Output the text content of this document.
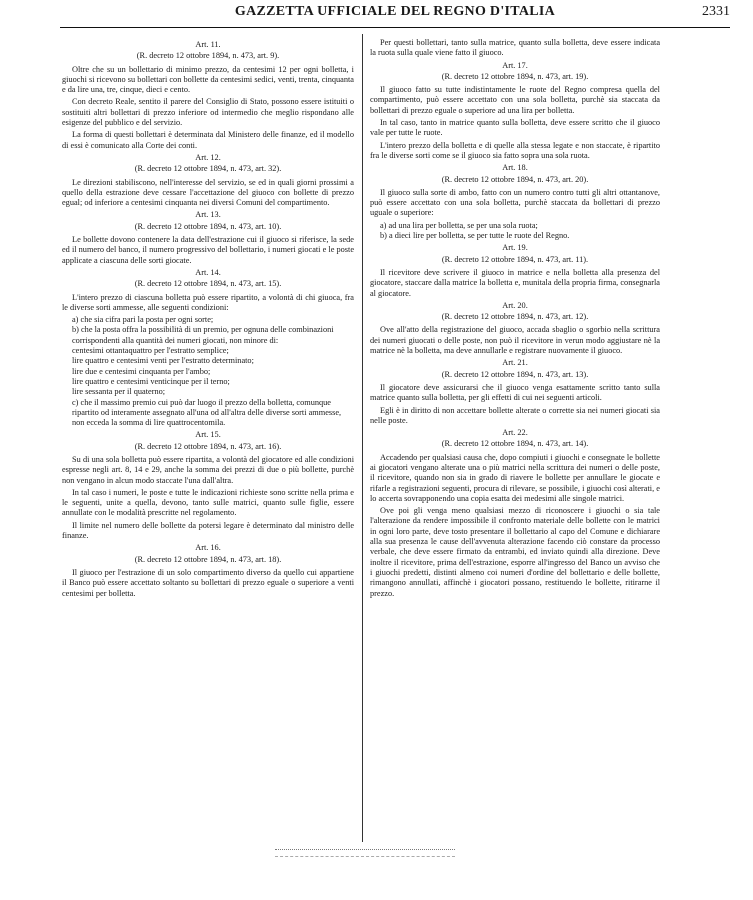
GAZZETTA UFFICIALE DEL REGNO D'ITALIA	2331
Art. 11.
(R. decreto 12 ottobre 1894, n. 473, art. 9).

Oltre che su un bollettario di minimo prezzo, da centesimi 12 per ogni bolletta, i giuochi si ricevono su bollettari con bollette da centesimi sedici, venti, trenta, cinquanta e da lire una, tre, cinque, dieci e cento.

Con decreto Reale, sentito il parere del Consiglio di Stato, possono essere istituiti o sostituiti altri bollettari di prezzo inferiore od intermedio che meglio rispondano alle esigenze del pubblico e del servizio.

La forma di questi bollettari è determinata dal Ministero delle finanze, ed il modello di essi è comunicato alla Corte dei conti.

Art. 12.
(R. decreto 12 ottobre 1894, n. 473, art. 32).

Le direzioni stabiliscono, nell'interesse del servizio, se ed in quali giorni prossimi a quello della estrazione deve cessare l'accettazione del giuoco con bollette di prezzo egual; od inferiore a centesimi cinquanta nei diversi Comuni del compartimento.

Art. 13.
(R. decreto 12 ottobre 1894, n. 473, art. 10).

Le bollette dovono contenere la data dell'estrazione cui il giuoco si riferisce, la sede ed il numero del banco, il numero progressivo del bollettario, i numeri giocati e le poste applicate a ciascuna delle sorti giocate.

Art. 14.
(R. decreto 12 ottobre 1894, n. 473, art. 15).

L'intero prezzo di ciascuna bolletta può essere ripartito, a volontà di chi giuoca, fra le diverse sorti ammesse, alle seguenti condizioni:

a) che sia cifra pari la posta per ogni sorte;

b) che la posta offra la possibilità di un premio, per ognuna delle combinazioni corrispondenti alla quantità dei numeri giocati, non minore di:

centesimi ottantaquattro per l'estratto semplice;

lire quattro e centesimi venti per l'estratto determinato;

lire due e centesimi cinquanta per l'ambo;

lire quattro e centesimi venticinque per il terno;

lire sessanta per il quaterno;

c) che il massimo premio cui può dar luogo il prezzo della bolletta, comunque ripartito od interamente assegnato all'una od all'altra delle diverse sorti ammesse, non ecceda la somma di lire quattrocentomila.

Art. 15.
(R. decreto 12 ottobre 1894, n. 473, art. 16).

Su di una sola bolletta può essere ripartita, a volontà del giocatore ed alle condizioni espresse negli art. 8, 14 e 29, anche la somma dei prezzi di due o più bollette, purchè non vengano in alcun modo staccate l'una dall'altra.

In tal caso i numeri, le poste e tutte le indicazioni richieste sono scritte nella prima e le seguenti, unite a quella, devono, tanto sulle matrici, quanto sulle figlie, essere annullate con le modalità prescritte nel regolamento.

Il limite nel numero delle bollette da potersi legare è determinato dal ministro delle finanze.

Art. 16.
(R. decreto 12 ottobre 1894, n. 473, art. 18).

Il giuoco per l'estrazione di un solo compartimento diverso da quello cui appartiene il Banco può essere accettato soltanto su bollettari di prezzo eguale o superiore a venti centesimi per bolletta.

Per questi bollettari, tanto sulla matrice, quanto sulla bolletta, deve essere indicata la ruota sulla quale viene fatto il giuoco.

Art. 17.
(R. decreto 12 ottobre 1894, n. 473, art. 19).

Il giuoco fatto su tutte indistintamente le ruote del Regno compresa quella del compartimento, può essere accettato con una sola bolletta, purchè sia staccata da bollettari di prezzo eguale o superiore ad una lira per bolletta.

In tal caso, tanto in matrice quanto sulla bolletta, deve essere scritto che il giuoco vale per tutte le ruote.

L'intero prezzo della bolletta e di quelle alla stessa legate e non staccate, è ripartito fra le diverse sorti come se il giuoco sia fatto sopra una sola ruota.

Art. 18.
(R. decreto 12 ottobre 1894, n. 473, art. 20).

Il giuoco sulla sorte di ambo, fatto con un numero contro tutti gli altri ottantanove, può essere accettato con una sola bolletta, purchè staccata da bollettari di prezzo uguale o superiore:

a) ad una lira per bolletta, se per una sola ruota;

b) a dieci lire per bolletta, se per tutte le ruote del Regno.

Art. 19.
(R. decreto 12 ottobre 1894, n. 473, art. 11).

Il ricevitore deve scrivere il giuoco in matrice e nella bolletta alla presenza del giocatore, staccare dalla matrice la bolletta e, munitala della propria firma, consegnarla al giocatore.

Art. 20.
(R. decreto 12 ottobre 1894, n. 473, art. 12).

Ove all'atto della registrazione del giuoco, accada sbaglio o sgorbio nella scrittura dei numeri giuocati o delle poste, non può il ricevitore in verun modo aggiustare nè la matrice nè la bolletta, ma deve annullarle e registrare nuovamente il giuoco.

Art. 21.
(R. decreto 12 ottobre 1894, n. 473, art. 13).

Il giocatore deve assicurarsi che il giuoco venga esattamente scritto tanto sulla matrice quanto sulla bolletta, per gli effetti di cui nei seguenti articoli.

Egli è in diritto di non accettare bollette alterate o corrette sia nei numeri giocati sia nelle poste.

Art. 22.
(R. decreto 12 ottobre 1894, n. 473, art. 14).

Accadendo per qualsiasi causa che, dopo compiuti i giuochi e consegnate le bollette ai giocatori vengano alterate una o più matrici nella scrittura dei numeri o delle poste, il ricevitore, quando non sia in grado di riavere le bollette per annullare le giocate e rifarle a registrazioni seguenti, procura di rilevare, se possibile, i giuochi così alterati, e lo accerta sovrapponendo una copia esatta dei medesimi alle singole matrici.

Ove poi gli venga meno qualsiasi mezzo di riconoscere i giuochi o sia tale l'alterazione da rendere impossibile il confronto materiale delle bollette con le matrici in ogni loro parte, deve tosto presentare il bollettario al capo del Comune e dichiarare alla sua presenza le cause dell'avvenuta alterazione facendo ciò constare da processo verbale, che deve essere firmato da entrambi, ed inviato quindi alla direzione. Deve inoltre il ricevitore, prima dell'estrazione, esporre all'ingresso del Banco un avviso che i giuochi predetti, distinti almeno coi numeri d'ordine del bollettario e delle bollette, rimangono annullati, affinchè i giocatori possano, restituendo le bollette, ritirarne il prezzo.
